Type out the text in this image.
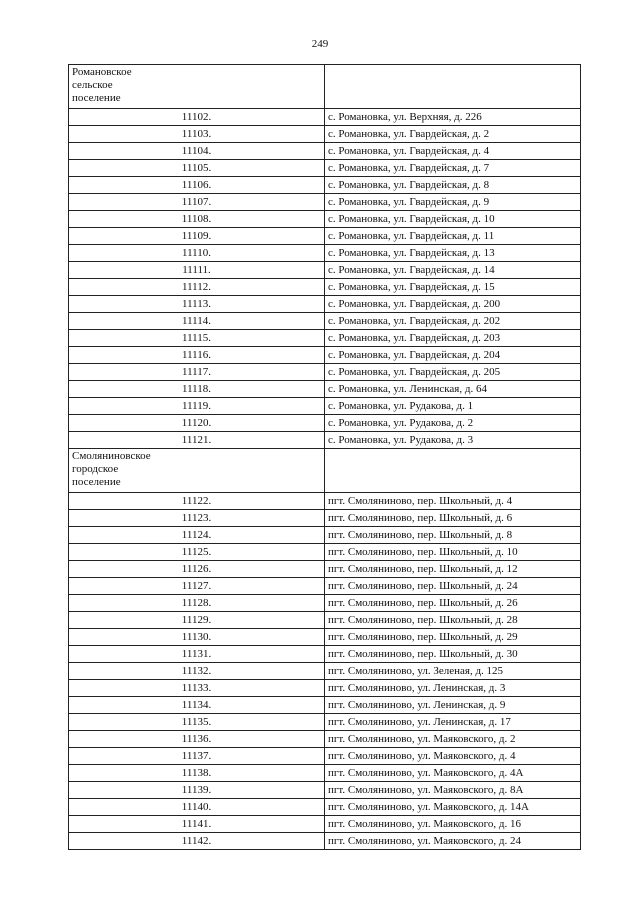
249
Романовское
сельское
поселение	
11102.	с. Романовка, ул. Верхняя, д. 226
11103.	с. Романовка, ул. Гвардейская, д. 2
11104.	с. Романовка, ул. Гвардейская, д. 4
11105.	с. Романовка, ул. Гвардейская, д. 7
11106.	с. Романовка, ул. Гвардейская, д. 8
11107.	с. Романовка, ул. Гвардейская, д. 9
11108.	с. Романовка, ул. Гвардейская, д. 10
11109.	с. Романовка, ул. Гвардейская, д. 11
11110.	с. Романовка, ул. Гвардейская, д. 13
11111.	с. Романовка, ул. Гвардейская, д. 14
11112.	с. Романовка, ул. Гвардейская, д. 15
11113.	с. Романовка, ул. Гвардейская, д. 200
11114.	с. Романовка, ул. Гвардейская, д. 202
11115.	с. Романовка, ул. Гвардейская, д. 203
11116.	с. Романовка, ул. Гвардейская, д. 204
11117.	с. Романовка, ул. Гвардейская, д. 205
11118.	с. Романовка, ул. Ленинская, д. 64
11119.	с. Романовка, ул. Рудакова, д. 1
11120.	с. Романовка, ул. Рудакова, д. 2
11121.	с. Романовка, ул. Рудакова, д. 3
Смоляниновское
городское
поселение	
11122.	пгт. Смоляниново, пер. Школьный, д. 4
11123.	пгт. Смоляниново, пер. Школьный, д. 6
11124.	пгт. Смоляниново, пер. Школьный, д. 8
11125.	пгт. Смоляниново, пер. Школьный, д. 10
11126.	пгт. Смоляниново, пер. Школьный, д. 12
11127.	пгт. Смоляниново, пер. Школьный, д. 24
11128.	пгт. Смоляниново, пер. Школьный, д. 26
11129.	пгт. Смоляниново, пер. Школьный, д. 28
11130.	пгт. Смоляниново, пер. Школьный, д. 29
11131.	пгт. Смоляниново, пер. Школьный, д. 30
11132.	пгт. Смоляниново, ул. Зеленая, д. 125
11133.	пгт. Смоляниново, ул. Ленинская, д. 3
11134.	пгт. Смоляниново, ул. Ленинская, д. 9
11135.	пгт. Смоляниново, ул. Ленинская, д. 17
11136.	пгт. Смоляниново, ул. Маяковского, д. 2
11137.	пгт. Смоляниново, ул. Маяковского, д. 4
11138.	пгт. Смоляниново, ул. Маяковского, д. 4А
11139.	пгт. Смоляниново, ул. Маяковского, д. 8А
11140.	пгт. Смоляниново, ул. Маяковского, д. 14А
11141.	пгт. Смоляниново, ул. Маяковского, д. 16
11142.	пгт. Смоляниново, ул. Маяковского, д. 24
